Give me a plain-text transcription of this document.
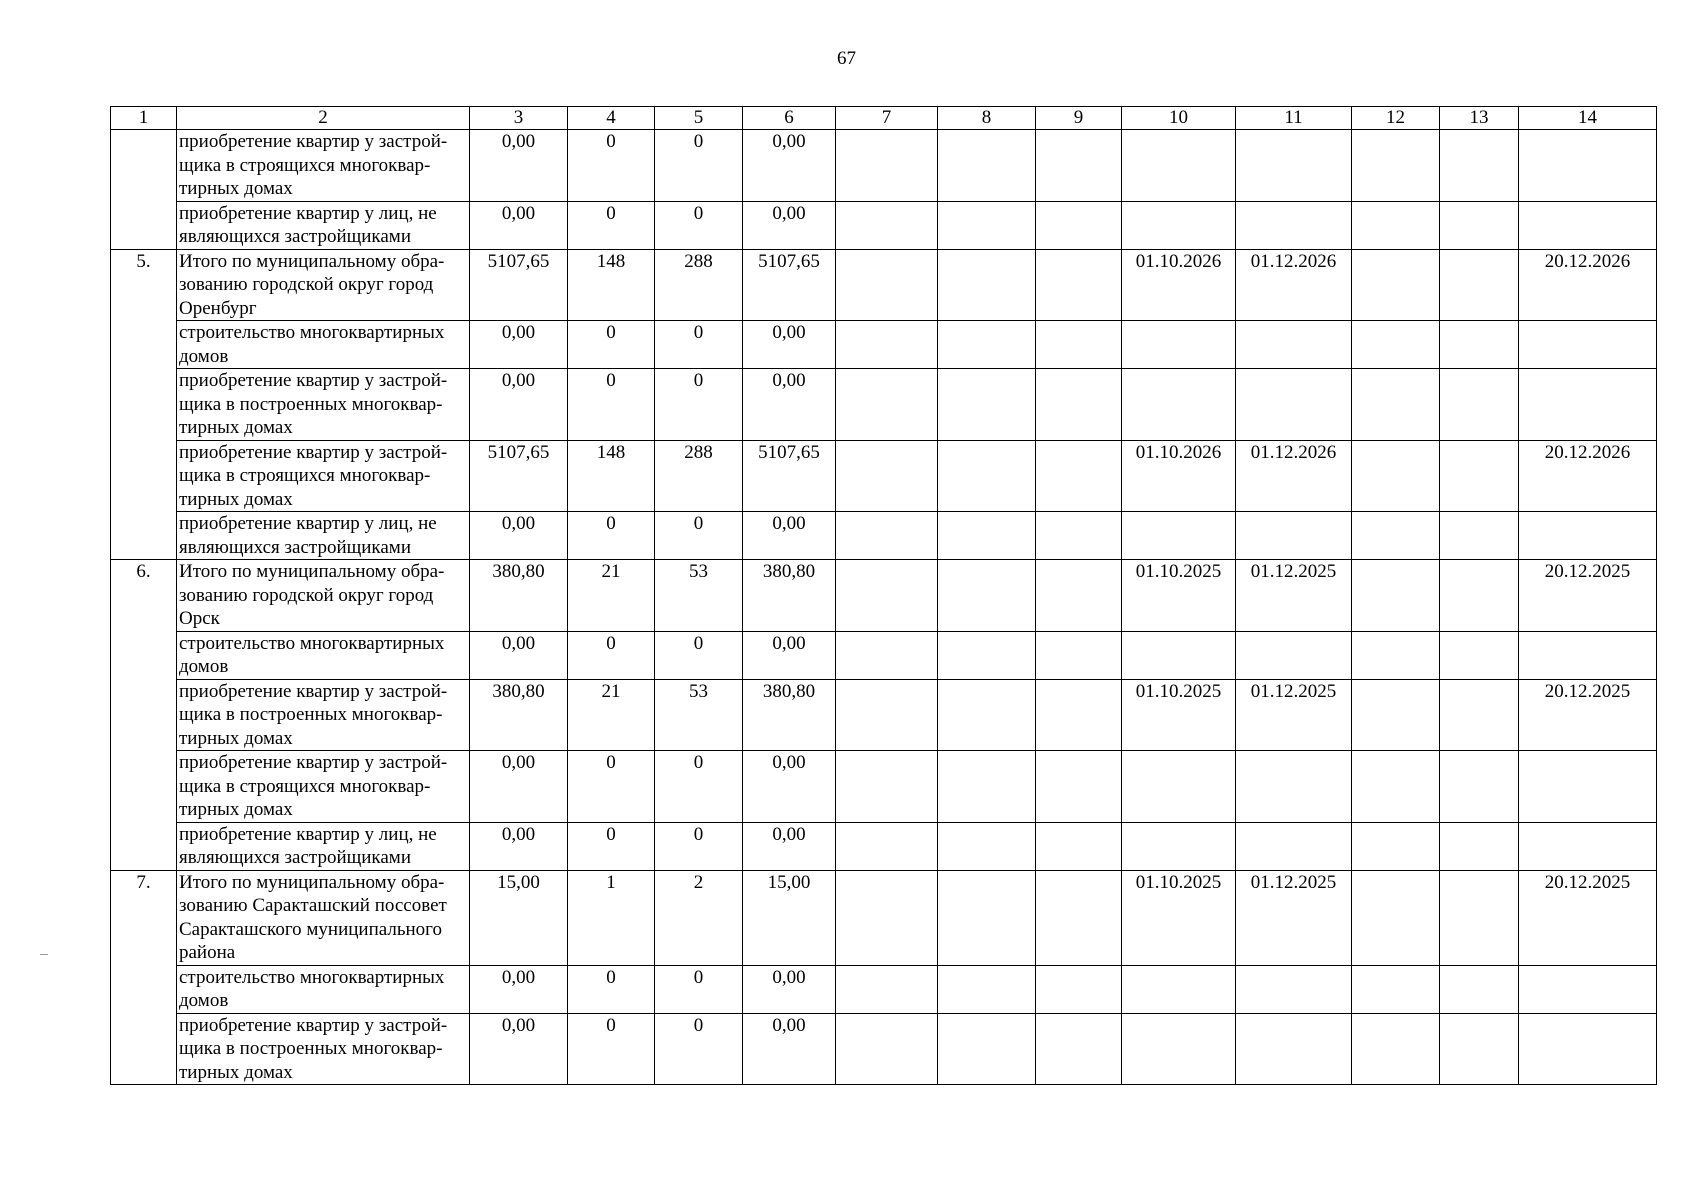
67
1	2	3	4	5	6	7	8	9	10	11	12	13	14
	приобретение квартир у застрой-щика в строящихся многоквар-тирных домах	0,00	0	0	0,00								
	приобретение квартир у лиц, не являющихся застройщиками	0,00	0	0	0,00								
5.	Итого по муниципальному обра-зованию городской округ город Оренбург	5107,65	148	288	5107,65				01.10.2026	01.12.2026			20.12.2026
	строительство многоквартирных домов	0,00	0	0	0,00								
	приобретение квартир у застрой-щика в построенных многоквар-тирных домах	0,00	0	0	0,00								
	приобретение квартир у застрой-щика в строящихся многоквар-тирных домах	5107,65	148	288	5107,65				01.10.2026	01.12.2026			20.12.2026
	приобретение квартир у лиц, не являющихся застройщиками	0,00	0	0	0,00								
6.	Итого по муниципальному обра-зованию городской округ город Орск	380,80	21	53	380,80				01.10.2025	01.12.2025			20.12.2025
	строительство многоквартирных домов	0,00	0	0	0,00								
	приобретение квартир у застрой-щика в построенных многоквар-тирных домах	380,80	21	53	380,80				01.10.2025	01.12.2025			20.12.2025
	приобретение квартир у застрой-щика в строящихся многоквар-тирных домах	0,00	0	0	0,00								
	приобретение квартир у лиц, не являющихся застройщиками	0,00	0	0	0,00								
7.	Итого по муниципальному обра-зованию Саракташский поссовет Саракташского муниципального района	15,00	1	2	15,00				01.10.2025	01.12.2025			20.12.2025
	строительство многоквартирных домов	0,00	0	0	0,00								
	приобретение квартир у застрой-щика в построенных многоквар-тирных домах	0,00	0	0	0,00								
